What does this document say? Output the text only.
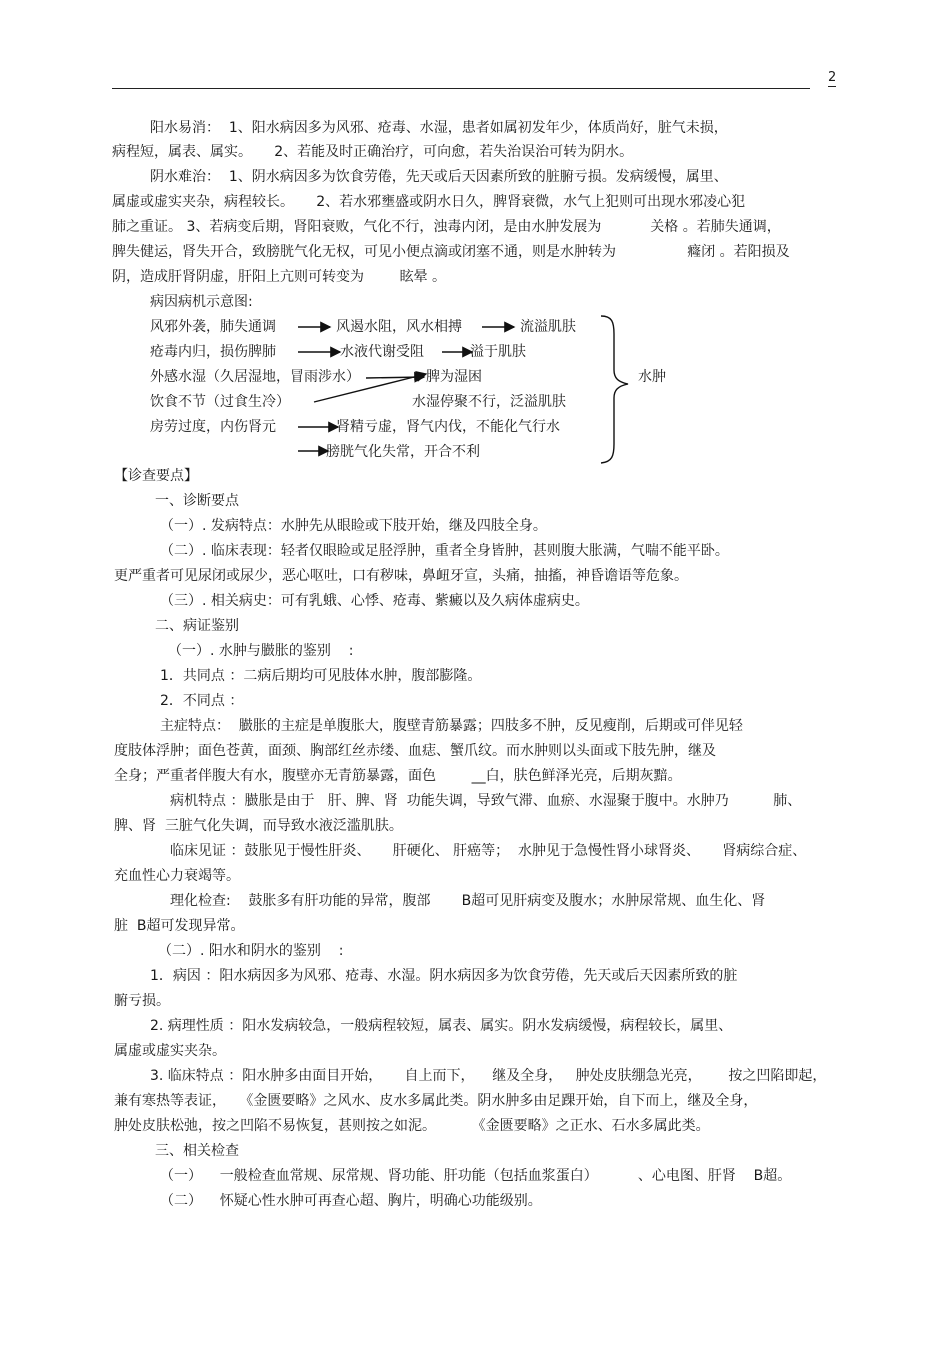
2
阳水易消：  1、阳水病因多为风邪、疮毒、水湿，患者如属初发年少，体质尚好，脏气未损，
病程短，属表、属实。     2、若能及时正确治疗，可向愈，若失治误治可转为阴水。
阴水难治：  1、阴水病因多为饮食劳倦，先天或后天因素所致的脏腑亏损。发病缓慢，属里、
属虚或虚实夹杂，病程较长。     2、若水邪壅盛或阴水日久，脾肾衰微，水气上犯则可出现水邪凌心犯
肺之重证。 3、若病变后期，肾阳衰败，气化不行，浊毒内闭，是由水肿发展为           关格 。若肺失通调，
脾失健运，肾失开合，致膀胱气化无权，可见小便点滴或闭塞不通，则是水肿转为                癃闭 。若阳损及
阴，造成肝肾阴虚，肝阳上亢则可转变为        眩晕 。
病因病机示意图:
风邪外袭，肺失通调
疮毒内归，损伤脾肺
外感水湿（久居湿地，冒雨涉水）
饮食不节（过食生冷）
房劳过度，内伤肾元
风遏水阻，风水相搏
水液代谢受阻
脾为湿困
水湿停聚不行，泛溢肌肤
肾精亏虚，肾气内伐，不能化气行水
膀胱气化失常，开合不利
流溢肌肤
溢于肌肤
水肿
【诊查要点】
一、诊断要点
（一）. 发病特点：水肿先从眼睑或下肢开始，继及四肢全身。
（二）. 临床表现：轻者仅眼睑或足胫浮肿，重者全身皆肿，甚则腹大胀满，气喘不能平卧。
更严重者可见尿闭或尿少，恶心呕吐，口有秽味，鼻衄牙宣，头痛，抽搐，神昏谵语等危象。
（三）. 相关病史：可有乳蛾、心悸、疮毒、紫癜以及久病体虚病史。
二、病证鉴别
（一）. 水肿与臌胀的鉴别    :
1．共同点 ：二病后期均可见肢体水肿，腹部膨隆。
2．不同点 ：
主症特点：  臌胀的主症是单腹胀大，腹壁青筋暴露；四肢多不肿，反见瘦削，后期或可伴见轻
度肢体浮肿；面色苍黄，面颈、胸部红丝赤缕、血痣、蟹爪纹。而水肿则以头面或下肢先肿，继及
全身；严重者伴腹大有水，腹壁亦无青筋暴露，面色        __白，肤色鲜泽光亮，后期灰黯。
病机特点 ：臌胀是由于   肝、脾、肾  功能失调，导致气滞、血瘀、水湿聚于腹中。水肿乃          肺、
脾、肾  三脏气化失调，而导致水液泛滥肌肤。
临床见证 ：鼓胀见于慢性肝炎、     肝硬化、 肝癌等；  水肿见于急慢性肾小球肾炎、     肾病综合症、
充血性心力衰竭等。
理化检查:    鼓胀多有肝功能的异常，腹部       B超可见肝病变及腹水；水肿尿常规、血生化、肾
脏  B超可发现异常。
（二）. 阳水和阴水的鉴别    :
1．病因 ：阳水病因多为风邪、疮毒、水湿。阴水病因多为饮食劳倦，先天或后天因素所致的脏
腑亏损。
2. 病理性质 ：阳水发病较急，一般病程较短，属表、属实。阴水发病缓慢，病程较长，属里、
属虚或虚实夹杂。
3. 临床特点 ：阳水肿多由面目开始，     自上而下，    继及全身，   肿处皮肤绷急光亮，      按之凹陷即起，
兼有寒热等表证，   《金匮要略》之风水、皮水多属此类。阴水肿多由足踝开始，自下而上，继及全身，
肿处皮肤松弛，按之凹陷不易恢复，甚则按之如泥。        《金匮要略》之正水、石水多属此类。
三、相关检查
（一）    一般检查血常规、尿常规、肾功能、肝功能（包括血浆蛋白）         、心电图、肝肾    B超。
（二）    怀疑心性水肿可再查心超、胸片，明确心功能级别。
